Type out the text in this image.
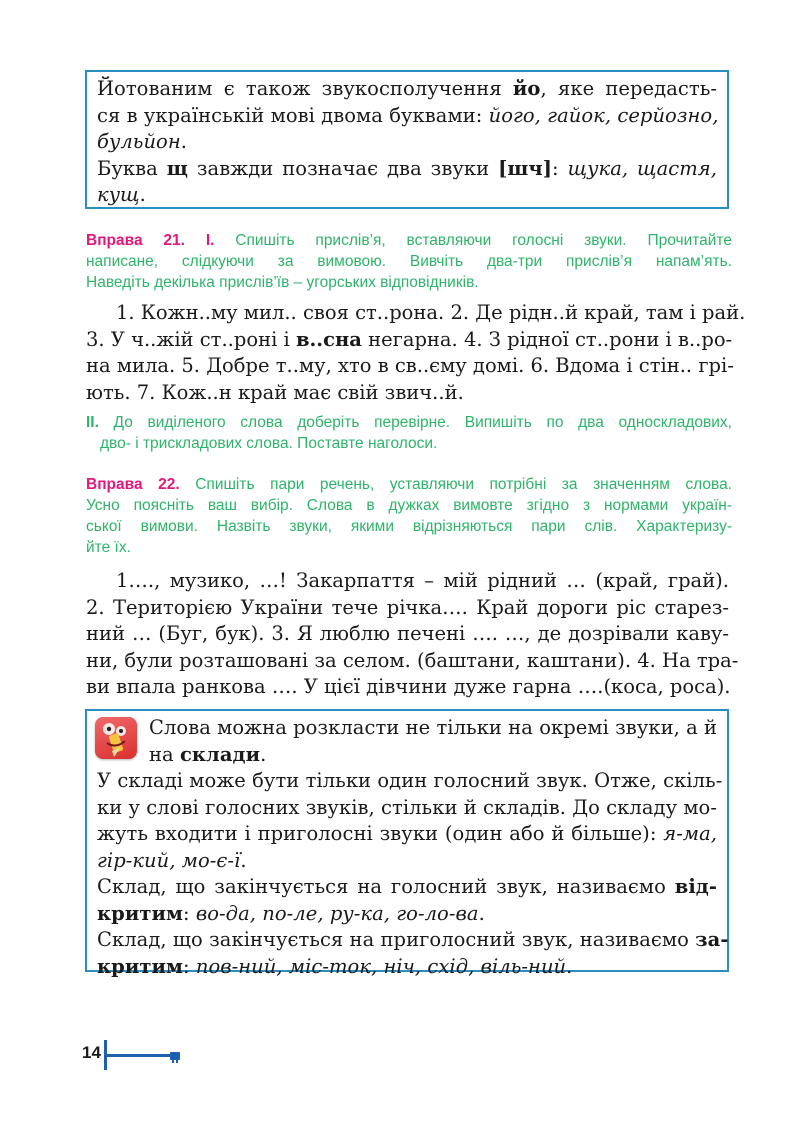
Йотованим є також звукосполучення йо, яке передасть-
ся в українській мові двома буквами: його, гайок, серйозно,
бульйон.
Буква щ завжди позначає два звуки [шч]: щука, щастя,
кущ.

Вправа 21. І. Спишіть прислів’я, вставляючи голосні звуки. Прочитайте
написане, слідкуючи за вимовою. Вивчіть два-три прислів’я напам’ять.
Наведіть декілька прислів’їв – угорських відповідників.
1. Кожн..му мил.. своя ст..рона. 2. Де рідн..й край, там і рай.
3. У ч..жій ст..роні і в..сна негарна. 4. З рідної ст..рони і в..ро-
на мила. 5. Добре т..му, хто в св..єму домі. 6. Вдома і стін.. грі-
ють. 7. Кож..н край має свій звич..й.
ІІ. До виділеного слова доберіть перевірне. Випишіть по два односкладових,
дво- і трискладових слова. Поставте наголоси.
Вправа 22. Спишіть пари речень, уставляючи потрібні за значенням слова.
Усно поясніть ваш вибір. Слова в дужках вимовте згідно з нормами україн-
ської вимови. Назвіть звуки, якими відрізняються пари слів. Характеризу-
йте їх.
1…., музико, …! Закарпаття – мій рідний … (край, грай).
2. Територією України тече річка…. Край дороги ріс старез-
ний … (Буг, бук). 3. Я люблю печені …. …, де дозрівали каву-
ни, були розташовані за селом. (баштани, каштани). 4. На тра-
ви впала ранкова …. У цієї дівчини дуже гарна ….(коса, роса).

Слова можна розкласти не тільки на окремі звуки, а й
на склади.
У складі може бути тільки один голосний звук. Отже, скіль-
ки у слові голосних звуків, стільки й складів. До складу мо-
жуть входити і приголосні звуки (один або й більше): я-ма,
гір-кий, мо-є-ї.
Склад, що закінчується на голосний звук, називаємо від-
критим: во-да, по-ле, ру-ка, го-ло-ва.
Склад, що закінчується на приголосний звук, називаємо за-
критим: пов-ний, міс-ток, ніч, схід, віль-ний.

14
